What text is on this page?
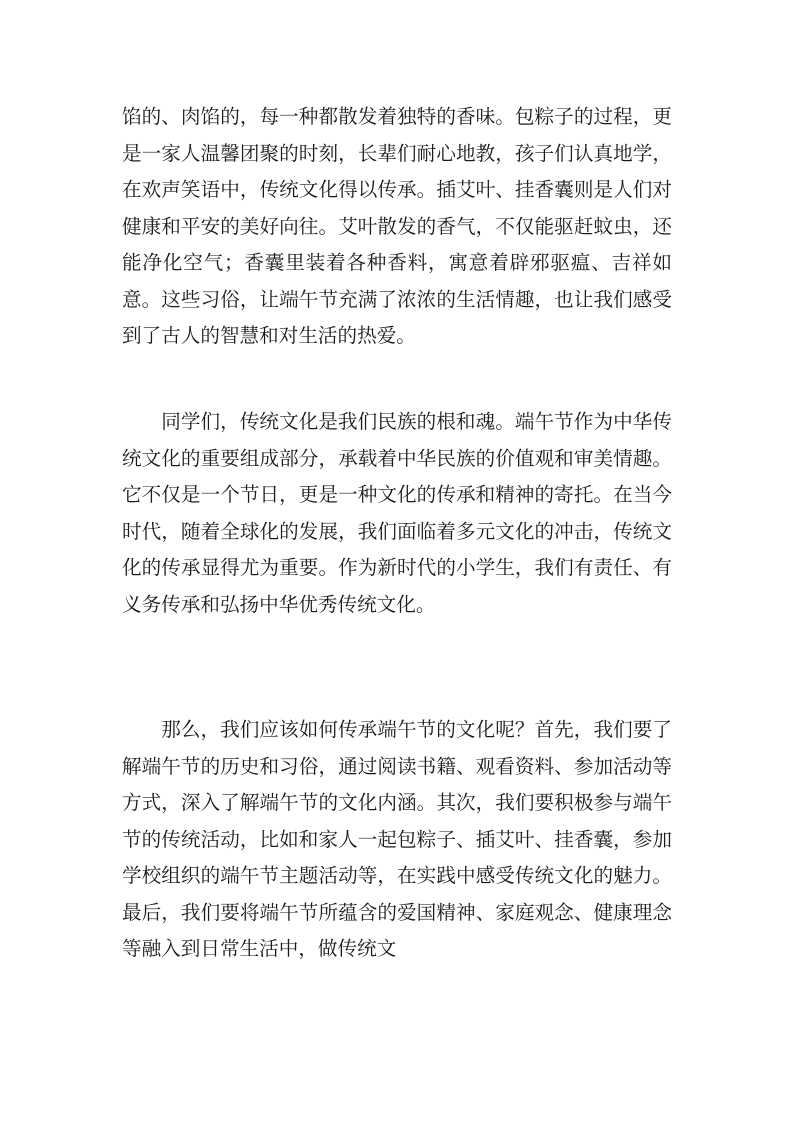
馅的、肉馅的，每一种都散发着独特的香味。包粽子的过程，更是一家人温馨团聚的时刻，长辈们耐心地教，孩子们认真地学，在欢声笑语中，传统文化得以传承。插艾叶、挂香囊则是人们对健康和平安的美好向往。艾叶散发的香气，不仅能驱赶蚊虫，还能净化空气；香囊里装着各种香料，寓意着辟邪驱瘟、吉祥如意。这些习俗，让端午节充满了浓浓的生活情趣，也让我们感受到了古人的智慧和对生活的热爱。

同学们，传统文化是我们民族的根和魂。端午节作为中华传统文化的重要组成部分，承载着中华民族的价值观和审美情趣。它不仅是一个节日，更是一种文化的传承和精神的寄托。在当今时代，随着全球化的发展，我们面临着多元文化的冲击，传统文化的传承显得尤为重要。作为新时代的小学生，我们有责任、有义务传承和弘扬中华优秀传统文化。

那么，我们应该如何传承端午节的文化呢？首先，我们要了解端午节的历史和习俗，通过阅读书籍、观看资料、参加活动等方式，深入了解端午节的文化内涵。其次，我们要积极参与端午节的传统活动，比如和家人一起包粽子、插艾叶、挂香囊，参加学校组织的端午节主题活动等，在实践中感受传统文化的魅力。最后，我们要将端午节所蕴含的爱国精神、家庭观念、健康理念等融入到日常生活中，做传统文
